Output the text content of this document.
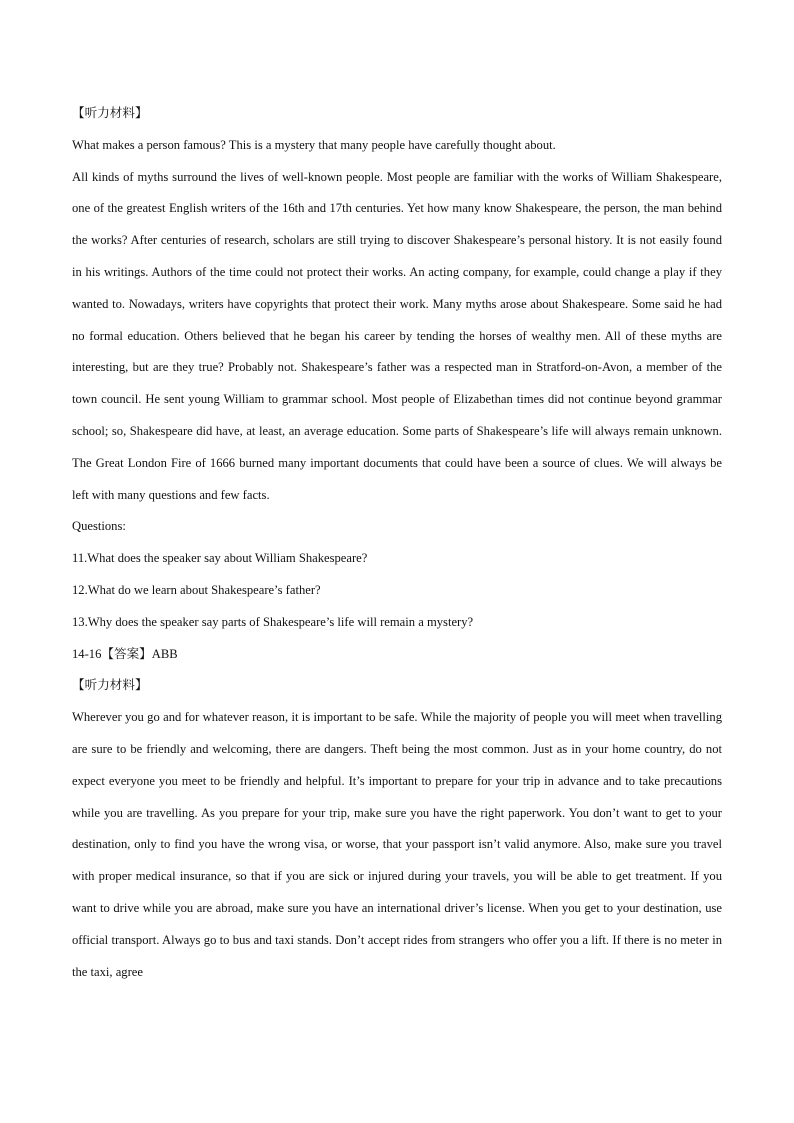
【听力材料】

What makes a person famous? This is a mystery that many people have carefully thought about.

All kinds of myths surround the lives of well-known people. Most people are familiar with the works of William Shakespeare, one of the greatest English writers of the 16th and 17th centuries. Yet how many know Shakespeare, the person, the man behind the works? After centuries of research, scholars are still trying to discover Shakespeare’s personal history. It is not easily found in his writings. Authors of the time could not protect their works. An acting company, for example, could change a play if they wanted to. Nowadays, writers have copyrights that protect their work. Many myths arose about Shakespeare. Some said he had no formal education. Others believed that he began his career by tending the horses of wealthy men. All of these myths are interesting, but are they true? Probably not. Shakespeare’s father was a respected man in Stratford-on-Avon, a member of the town council. He sent young William to grammar school. Most people of Elizabethan times did not continue beyond grammar school; so, Shakespeare did have, at least, an average education. Some parts of Shakespeare’s life will always remain unknown. The Great London Fire of 1666 burned many important documents that could have been a source of clues. We will always be left with many questions and few facts.

Questions:

11.What does the speaker say about William Shakespeare?

12.What do we learn about Shakespeare’s father?

13.Why does the speaker say parts of Shakespeare’s life will remain a mystery?

14-16【答案】ABB

【听力材料】

Wherever you go and for whatever reason, it is important to be safe. While the majority of people you will meet when travelling are sure to be friendly and welcoming, there are dangers. Theft being the most common. Just as in your home country, do not expect everyone you meet to be friendly and helpful. It’s important to prepare for your trip in advance and to take precautions while you are travelling. As you prepare for your trip, make sure you have the right paperwork. You don’t want to get to your destination, only to find you have the wrong visa, or worse, that your passport isn’t valid anymore. Also, make sure you travel with proper medical insurance, so that if you are sick or injured during your travels, you will be able to get treatment. If you want to drive while you are abroad, make sure you have an international driver’s license. When you get to your destination, use official transport. Always go to bus and taxi stands. Don’t accept rides from strangers who offer you a lift. If there is no meter in the taxi, agree
